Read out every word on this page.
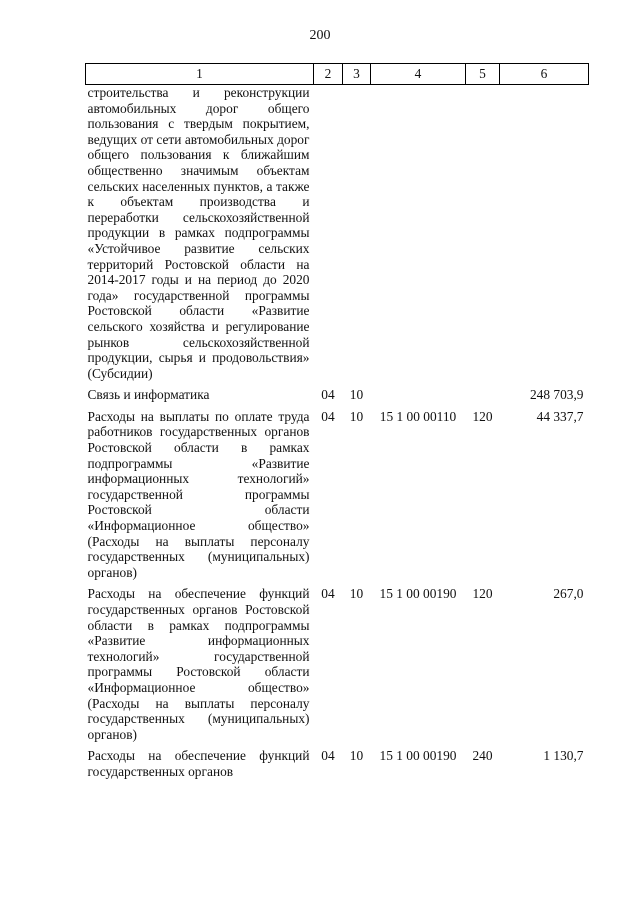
200
1	2	3	4	5	6
строительства и реконструкции автомобильных дорог общего пользования с твердым покрытием, ведущих от сети автомобильных дорог общего пользования к ближайшим общественно значимым объектам сельских населенных пунктов, а также к объектам производства и переработки сельскохозяйственной продукции в рамках подпрограммы «Устойчивое развитие сельских территорий Ростовской области на 2014-2017 годы и на период до 2020 года» государственной программы Ростовской области «Развитие сельского хозяйства и регулирование рынков сельскохозяйственной продукции, сырья и продовольствия» (Субсидии)					
Связь и информатика	04	10			248 703,9
Расходы на выплаты по оплате труда работников государственных органов Ростовской области в рамках подпрограммы «Развитие информационных технологий» государственной программы Ростовской области «Информационное общество» (Расходы на выплаты персоналу государственных (муниципальных) органов)	04	10	15 1 00 00110	120	44 337,7
Расходы на обеспечение функций государственных органов Ростовской области в рамках подпрограммы «Развитие информационных технологий» государственной программы Ростовской области «Информационное общество» (Расходы на выплаты персоналу государственных (муниципальных) органов)	04	10	15 1 00 00190	120	267,0
Расходы на обеспечение функций государственных органов	04	10	15 1 00 00190	240	1 130,7
